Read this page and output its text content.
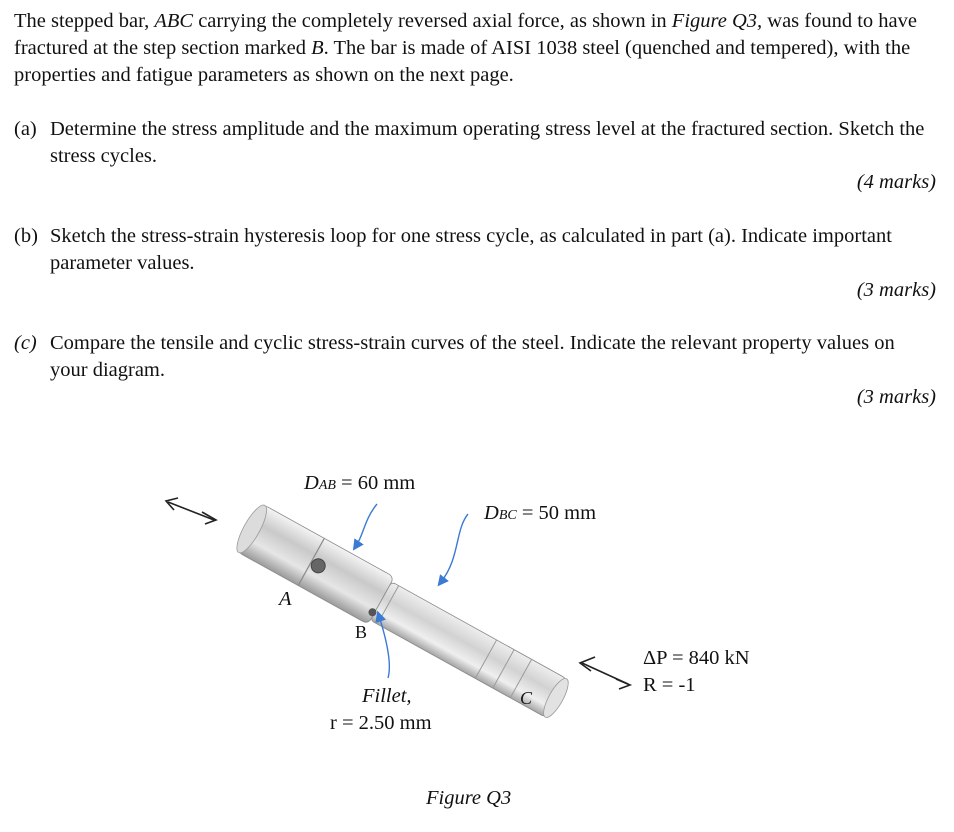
The stepped bar, ABC carrying the completely reversed axial force, as shown in Figure Q3, was found to have fractured at the step section marked B. The bar is made of AISI 1038 steel (quenched and tempered), with the properties and fatigue parameters as shown on the next page.
(a) Determine the stress amplitude and the maximum operating stress level at the fractured section. Sketch the stress cycles.
(4 marks)
(b) Sketch the stress-strain hysteresis loop for one stress cycle, as calculated in part (a). Indicate important parameter values.
(3 marks)
(c) Compare the tensile and cyclic stress-strain curves of the steel. Indicate the relevant property values on your diagram.
(3 marks)
DAB = 60 mm
DBC = 50 mm
A
B
C
Fillet,
r = 2.50 mm
ΔP = 840 kN
R = -1
Figure Q3
